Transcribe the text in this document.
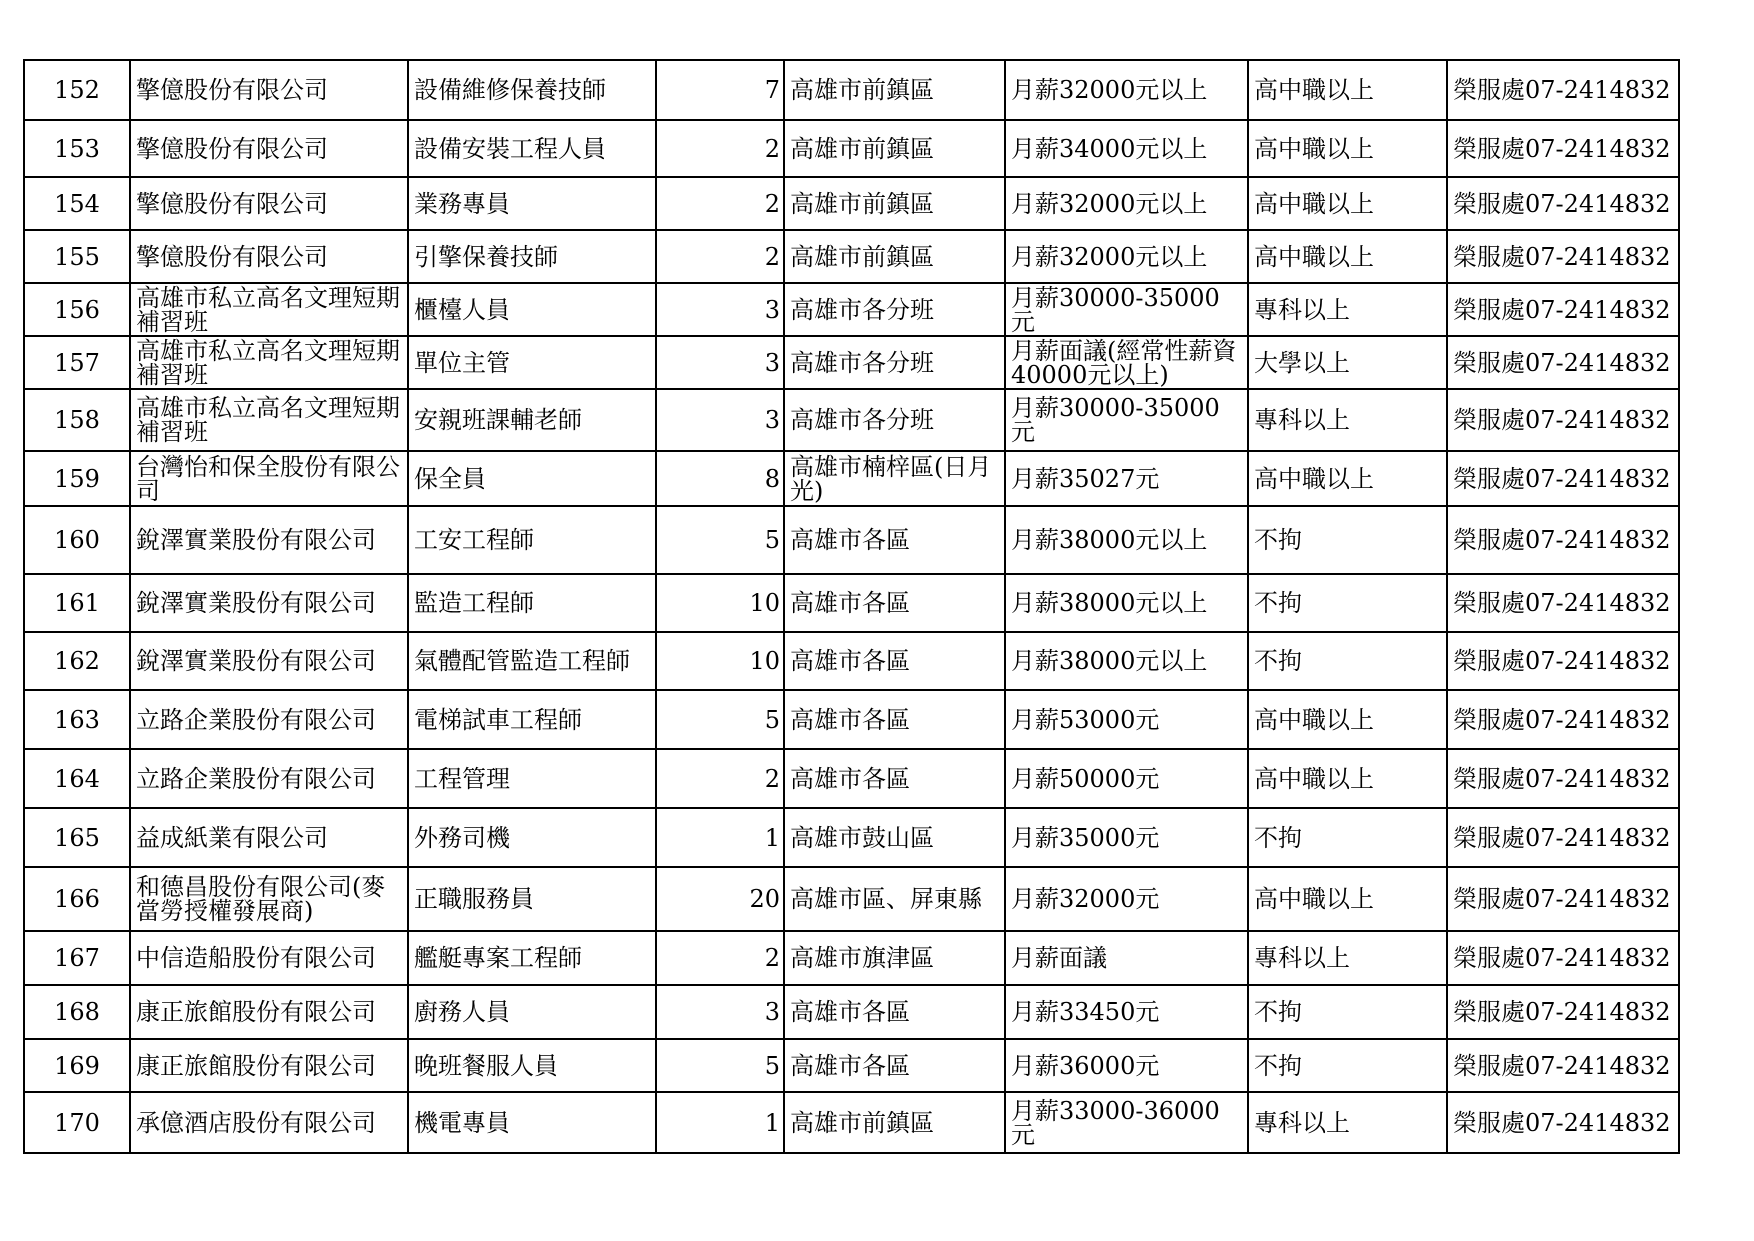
152	擎億股份有限公司	設備維修保養技師	7	高雄市前鎮區	月薪32000元以上	高中職以上	榮服處07-2414832
153	擎億股份有限公司	設備安裝工程人員	2	高雄市前鎮區	月薪34000元以上	高中職以上	榮服處07-2414832
154	擎億股份有限公司	業務專員	2	高雄市前鎮區	月薪32000元以上	高中職以上	榮服處07-2414832
155	擎億股份有限公司	引擎保養技師	2	高雄市前鎮區	月薪32000元以上	高中職以上	榮服處07-2414832
156	高雄市私立高名文理短期補習班	櫃檯人員	3	高雄市各分班	月薪30000-35000元	專科以上	榮服處07-2414832
157	高雄市私立高名文理短期補習班	單位主管	3	高雄市各分班	月薪面議(經常性薪資40000元以上)	大學以上	榮服處07-2414832
158	高雄市私立高名文理短期補習班	安親班課輔老師	3	高雄市各分班	月薪30000-35000元	專科以上	榮服處07-2414832
159	台灣怡和保全股份有限公司	保全員	8	高雄市楠梓區(日月光)	月薪35027元	高中職以上	榮服處07-2414832
160	銳澤實業股份有限公司	工安工程師	5	高雄市各區	月薪38000元以上	不拘	榮服處07-2414832
161	銳澤實業股份有限公司	監造工程師	10	高雄市各區	月薪38000元以上	不拘	榮服處07-2414832
162	銳澤實業股份有限公司	氣體配管監造工程師	10	高雄市各區	月薪38000元以上	不拘	榮服處07-2414832
163	立路企業股份有限公司	電梯試車工程師	5	高雄市各區	月薪53000元	高中職以上	榮服處07-2414832
164	立路企業股份有限公司	工程管理	2	高雄市各區	月薪50000元	高中職以上	榮服處07-2414832
165	益成紙業有限公司	外務司機	1	高雄市鼓山區	月薪35000元	不拘	榮服處07-2414832
166	和德昌股份有限公司(麥當勞授權發展商)	正職服務員	20	高雄市區、屏東縣	月薪32000元	高中職以上	榮服處07-2414832
167	中信造船股份有限公司	艦艇專案工程師	2	高雄市旗津區	月薪面議	專科以上	榮服處07-2414832
168	康正旅館股份有限公司	廚務人員	3	高雄市各區	月薪33450元	不拘	榮服處07-2414832
169	康正旅館股份有限公司	晚班餐服人員	5	高雄市各區	月薪36000元	不拘	榮服處07-2414832
170	承億酒店股份有限公司	機電專員	1	高雄市前鎮區	月薪33000-36000元	專科以上	榮服處07-2414832
